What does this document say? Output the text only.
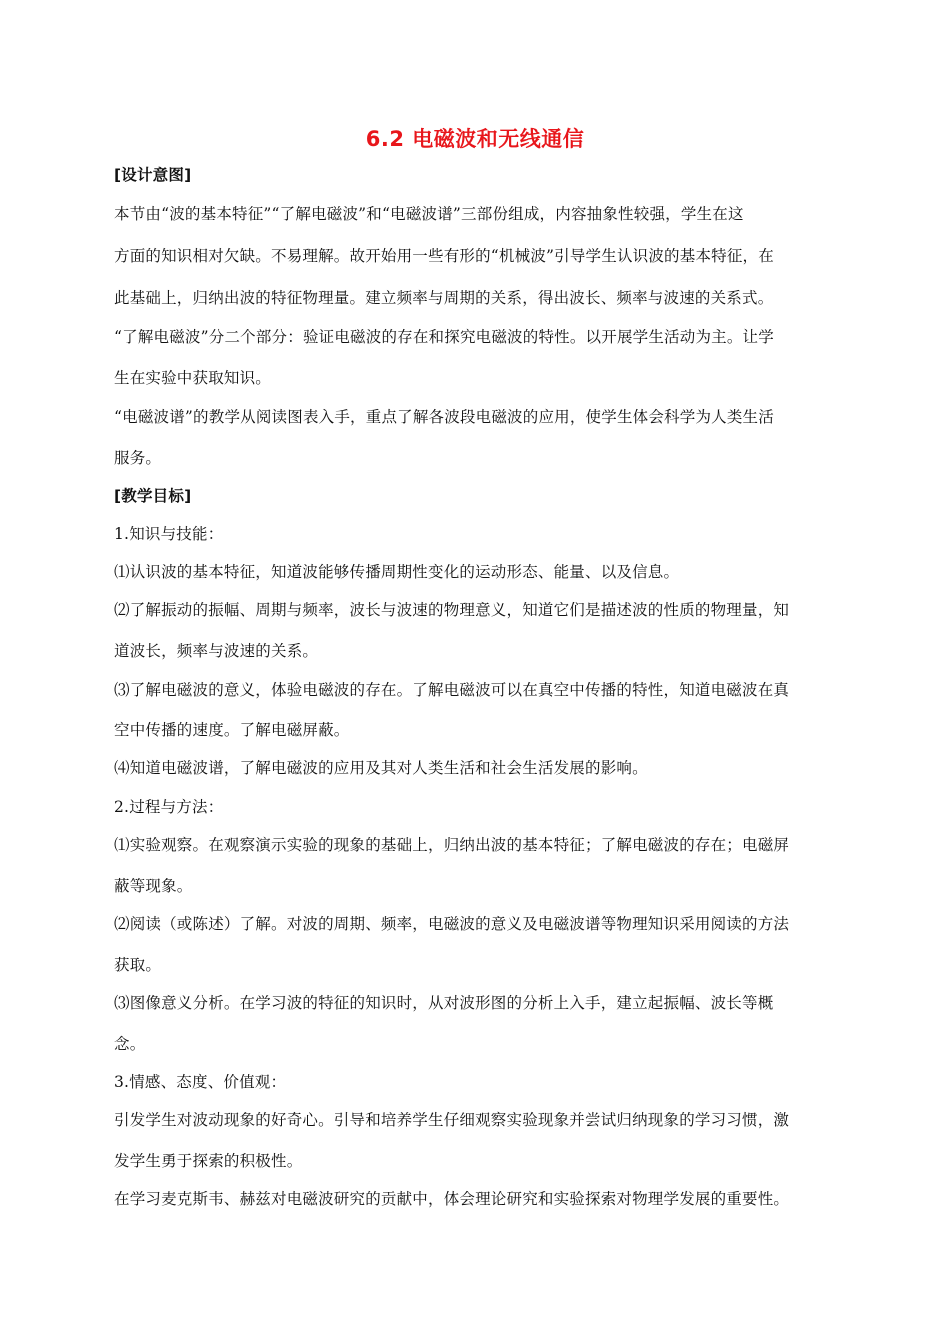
6.2 电磁波和无线通信
[设计意图]
本节由“波的基本特征”“了解电磁波”和“电磁波谱”三部份组成，内容抽象性较强，学生在这
方面的知识相对欠缺。不易理解。故开始用一些有形的“机械波”引导学生认识波的基本特征，在
此基础上，归纳出波的特征物理量。建立频率与周期的关系，得出波长、频率与波速的关系式。
“了解电磁波”分二个部分：验证电磁波的存在和探究电磁波的特性。以开展学生活动为主。让学
生在实验中获取知识。
“电磁波谱”的教学从阅读图表入手，重点了解各波段电磁波的应用，使学生体会科学为人类生活
服务。
[教学目标]
1.知识与技能：
⑴认识波的基本特征，知道波能够传播周期性变化的运动形态、能量、以及信息。
⑵了解振动的振幅、周期与频率，波长与波速的物理意义，知道它们是描述波的性质的物理量，知
道波长，频率与波速的关系。
⑶了解电磁波的意义，体验电磁波的存在。了解电磁波可以在真空中传播的特性，知道电磁波在真
空中传播的速度。了解电磁屏蔽。
⑷知道电磁波谱，了解电磁波的应用及其对人类生活和社会生活发展的影响。
2.过程与方法：
⑴实验观察。在观察演示实验的现象的基础上，归纳出波的基本特征；了解电磁波的存在；电磁屏
蔽等现象。
⑵阅读（或陈述）了解。对波的周期、频率，电磁波的意义及电磁波谱等物理知识采用阅读的方法
获取。
⑶图像意义分析。在学习波的特征的知识时，从对波形图的分析上入手，建立起振幅、波长等概
念。
3.情感、态度、价值观：
引发学生对波动现象的好奇心。引导和培养学生仔细观察实验现象并尝试归纳现象的学习习惯，激
发学生勇于探索的积极性。
在学习麦克斯韦、赫兹对电磁波研究的贡献中，体会理论研究和实验探索对物理学发展的重要性。
